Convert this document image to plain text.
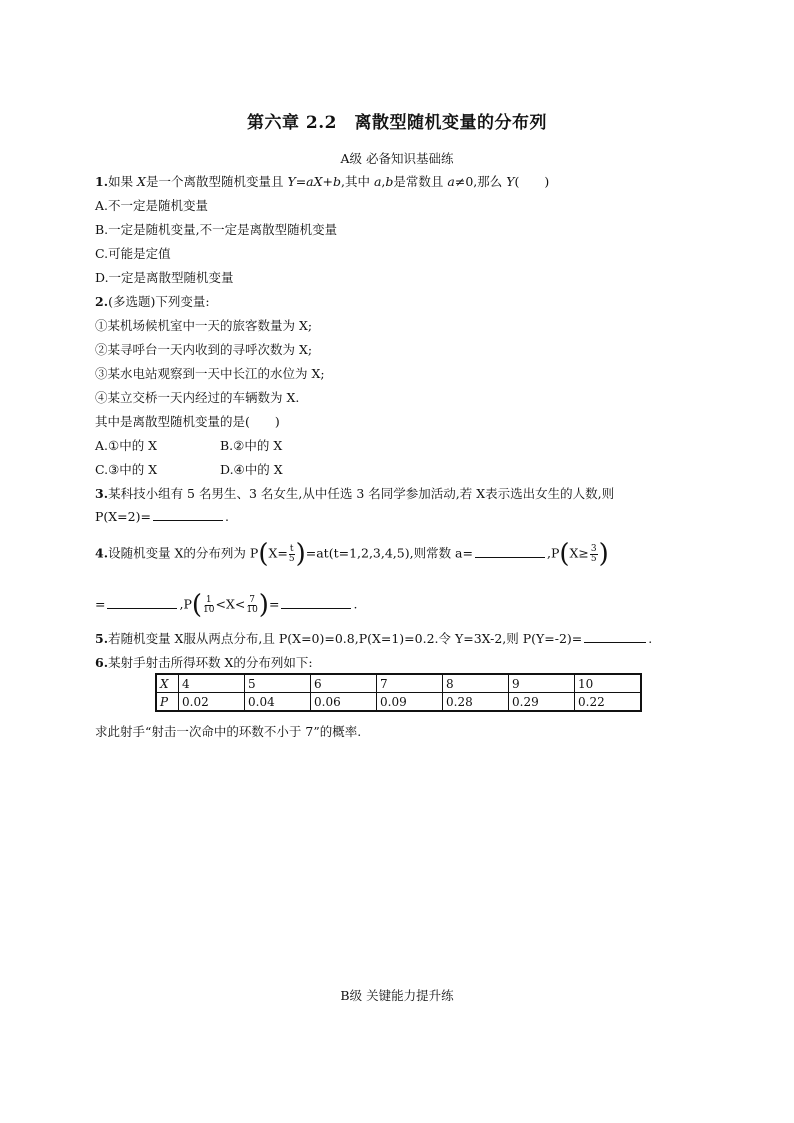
第六章 2.2　离散型随机变量的分布列
A级 必备知识基础练
1.如果 X是一个离散型随机变量且 Y=aX+b,其中 a,b是常数且 a≠0,那么 Y(　　)
A.不一定是随机变量
B.一定是随机变量,不一定是离散型随机变量
C.可能是定值
D.一定是离散型随机变量
2.(多选题)下列变量:
①某机场候机室中一天的旅客数量为 X;
②某寻呼台一天内收到的寻呼次数为 X;
③某水电站观察到一天中长江的水位为 X;
④某立交桥一天内经过的车辆数为 X.
其中是离散型随机变量的是(　　)
A.①中的 X	B.②中的 X
C.③中的 X	D.④中的 X
3.某科技小组有 5 名男生、3 名女生,从中任选 3 名同学参加活动,若 X表示选出女生的人数,则
P(X=2)=	.
4.设随机变量 X的分布列为 $P(X= \frac{t}{5} )=at(t=1,2,3,4,5)$,则常数 a=	$,P(X\ge \frac{3}{5}$ )
=	$,P( \frac{1}{10} <X< \frac{7}{10}$ )=	.
5.若随机变量 X服从两点分布,且 P(X=0)=0.8,P(X=1)=0.2.令 Y=3X-2,则 P(Y=-2)=	.
6.某射手射击所得环数 X的分布列如下:
X	4	5	6	7	8	9	10
P	0.02	0.04	0.06	0.09	0.28	0.29	0.22
求此射手“射击一次命中的环数不小于 7”的概率.
B级 关键能力提升练
